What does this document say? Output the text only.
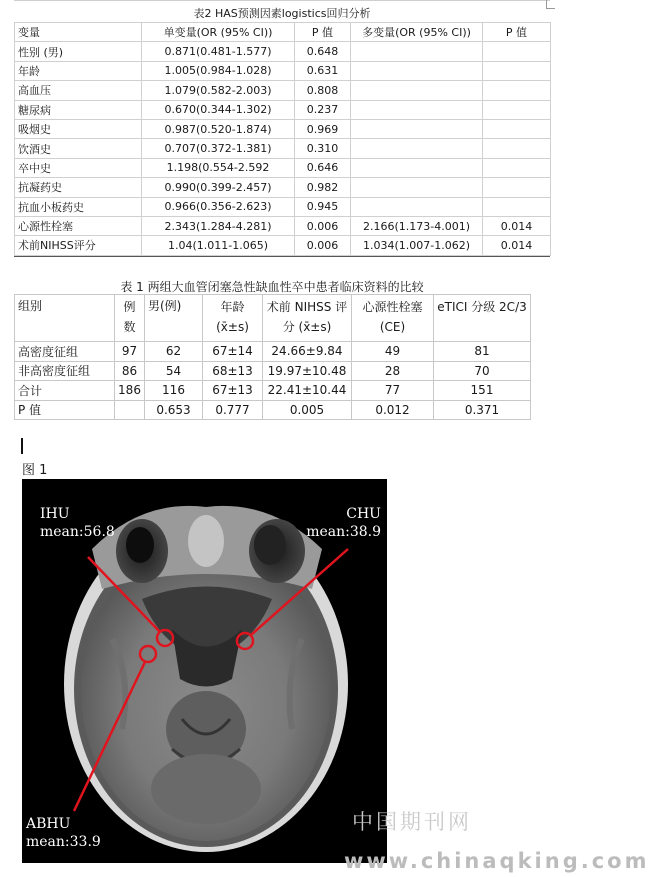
表2 HAS预测因素logistics回归分析
变量	单变量(OR (95% CI))	P 值	多变量(OR (95% CI))	P 值
性别 (男)	0.871(0.481-1.577)	0.648		
年龄	1.005(0.984-1.028)	0.631		
高血压	1.079(0.582-2.003)	0.808		
糖尿病	0.670(0.344-1.302)	0.237		
吸烟史	0.987(0.520-1.874)	0.969		
饮酒史	0.707(0.372-1.381)	0.310		
卒中史	1.198(0.554-2.592	0.646		
抗凝药史	0.990(0.399-2.457)	0.982		
抗血小板药史	0.966(0.356-2.623)	0.945		
心源性栓塞	2.343(1.284-4.281)	0.006	2.166(1.173-4.001)	0.014
术前NIHSS评分	1.04(1.011-1.065)	0.006	1.034(1.007-1.062)	0.014
表 1 两组大血管闭塞急性缺血性卒中患者临床资料的比较
组别	例数	男(例)	年龄 (x̄±s)	术前 NIHSS 评分 (x̄±s)	心源性栓塞 (CE)	eTICI 分级 2C/3
高密度征组	97	62	67±14	24.66±9.84	49	81
非高密度征组	86	54	68±13	19.97±10.48	28	70
合计	186	116	67±13	22.41±10.44	77	151
P 值		0.653	0.777	0.005	0.012	0.371
图 1
IHU
mean:56.8
CHU
mean:38.9
ABHU
mean:33.9
中国期刊网
www.chinaqking.com
